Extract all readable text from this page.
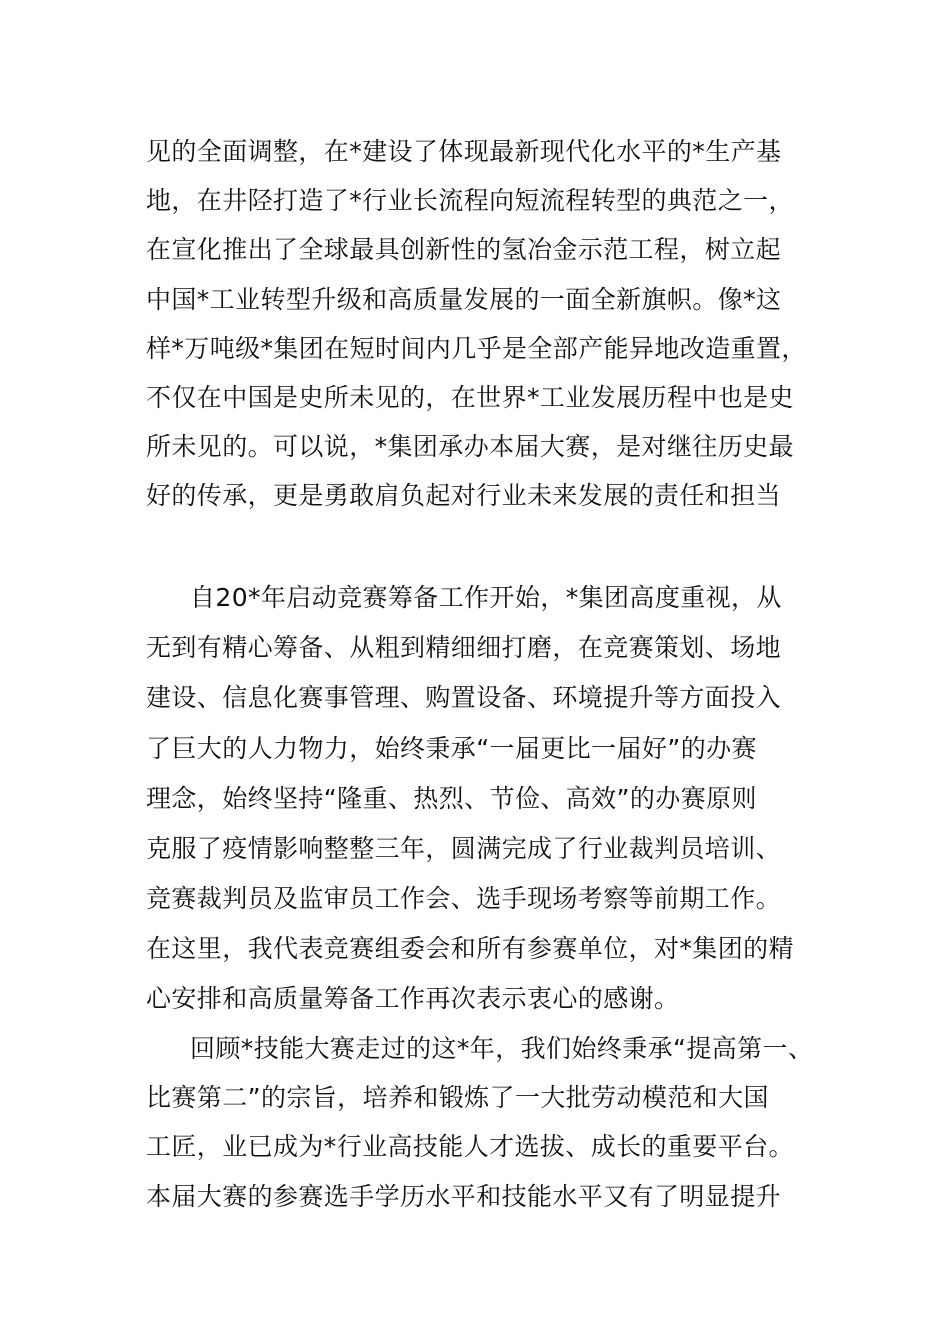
见的全面调整，在*建设了体现最新现代化水平的*生产基
地，在井陉打造了*行业长流程向短流程转型的典范之一，
在宣化推出了全球最具创新性的氢冶金示范工程，树立起
中国*工业转型升级和高质量发展的一面全新旗帜。像*这
样*万吨级*集团在短时间内几乎是全部产能异地改造重置，
不仅在中国是史所未见的，在世界*工业发展历程中也是史
所未见的。可以说，*集团承办本届大赛，是对继往历史最
好的传承，更是勇敢肩负起对行业未来发展的责任和担当
自20*年启动竞赛筹备工作开始，*集团高度重视，从
无到有精心筹备、从粗到精细细打磨，在竞赛策划、场地
建设、信息化赛事管理、购置设备、环境提升等方面投入
了巨大的人力物力，始终秉承“一届更比一届好”的办赛
理念，始终坚持“隆重、热烈、节俭、高效”的办赛原则
克服了疫情影响整整三年，圆满完成了行业裁判员培训、
竞赛裁判员及监审员工作会、选手现场考察等前期工作。
在这里，我代表竞赛组委会和所有参赛单位，对*集团的精
心安排和高质量筹备工作再次表示衷心的感谢。
回顾*技能大赛走过的这*年，我们始终秉承“提高第一、
比赛第二”的宗旨，培养和锻炼了一大批劳动模范和大国
工匠，业已成为*行业高技能人才选拔、成长的重要平台。
本届大赛的参赛选手学历水平和技能水平又有了明显提升
